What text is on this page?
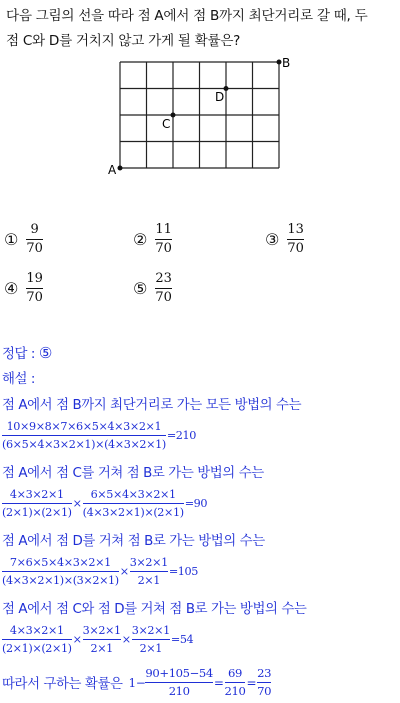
다음 그림의 선을 따라 점 A에서 점 B까지 최단거리로 갈 때, 두
점 C와 D를 거치지 않고 가게 될 확률은?
A
B
C
D
① $\frac{9}{70}$	② $\frac{11}{70}$	③ $\frac{13}{70}$
④ $\frac{19}{70}$	⑤ $\frac{23}{70}$
정답 : ⑤
해설 :
점 A에서 점 B까지 최단거리로 가는 모든 방법의 수는
$\frac{10\times 9\times 8\times 7\times 6\times 5\times 4\times 3\times 2\times 1}{(6\times 5\times 4\times 3\times 2\times 1)\times(4\times 3\times 2\times 1)} =210$
점 A에서 점 C를 거쳐 점 B로 가는 방법의 수는
$\frac{4\times 3\times 2\times 1}{(2\times 1)\times(2\times 1)} \times \frac{6\times 5\times 4\times 3\times 2\times 1}{(4\times 3\times 2\times 1)\times(2\times 1)} =90$
점 A에서 점 D를 거쳐 점 B로 가는 방법의 수는
$\frac{7\times 6\times 5\times 4\times 3\times 2\times 1}{(4\times 3\times 2\times 1)\times(3\times 2\times 1)} \times \frac{3\times 2\times 1}{2\times 1} =105$
점 A에서 점 C와 점 D를 거쳐 점 B로 가는 방법의 수는
$\frac{4\times 3\times 2\times 1}{(2\times 1)\times(2\times 1)} \times \frac{3\times 2\times 1}{2\times 1} \times \frac{3\times 2\times 1}{2\times 1} =54$
따라서 구하는 확률은 $1- \frac{90+105-54}{210} = \frac{69}{210} = \frac{23}{70}$
